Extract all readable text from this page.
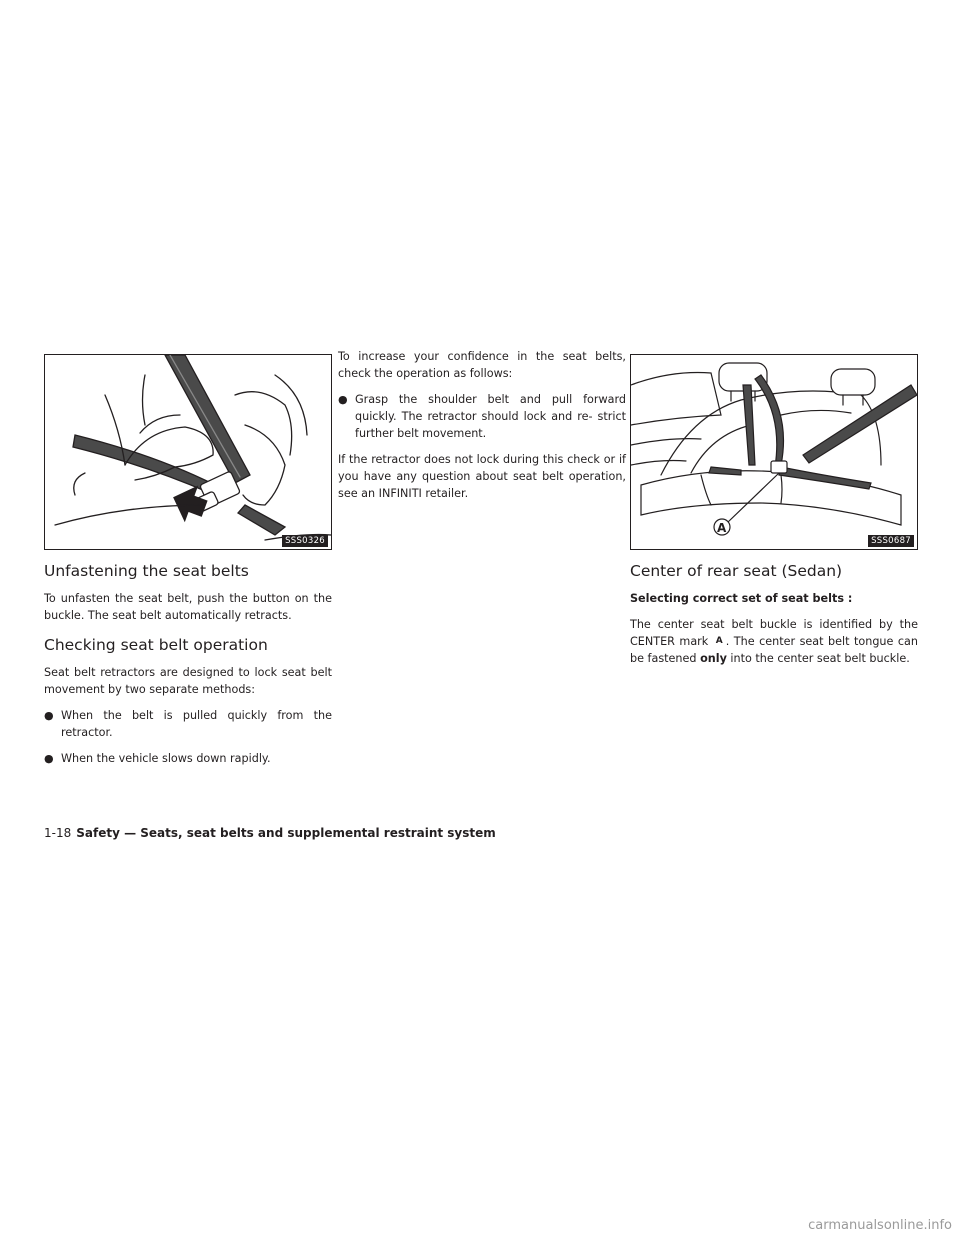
SSS0326
Unfastening the seat belts

To unfasten the seat belt, push the button on the buckle. The seat belt automatically retracts.

Checking seat belt operation

Seat belt retractors are designed to lock seat belt movement by two separate methods:

● When the belt is pulled quickly from the retractor.

● When the vehicle slows down rapidly.

To increase your confidence in the seat belts, check the operation as follows:

● Grasp the shoulder belt and pull forward quickly. The retractor should lock and re- strict further belt movement.

If the retractor does not lock during this check or if you have any question about seat belt operation, see an INFINITI retailer.

A
SSS0687
Center of rear seat (Sedan)

Selecting correct set of seat belts :

The center seat belt buckle is identified by the CENTER mark A . The center seat belt tongue can be fastened only into the center seat belt buckle.

1-18 Safety — Seats, seat belts and supplemental restraint system
carmanualsonline.info
